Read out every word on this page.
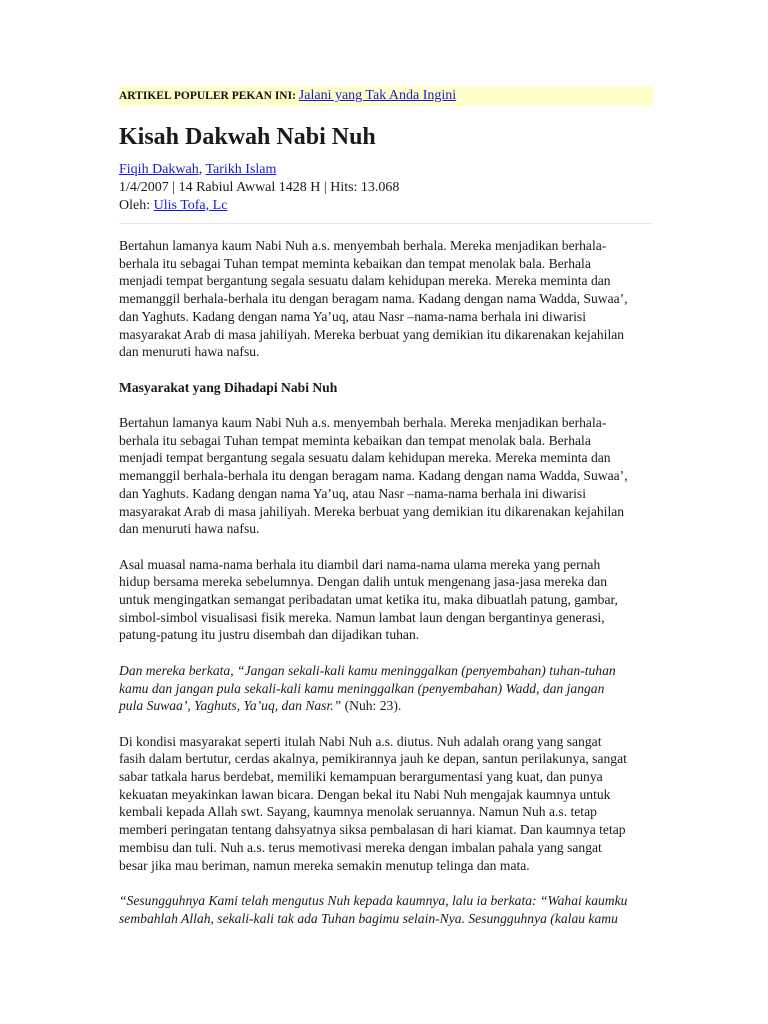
ARTIKEL POPULER PEKAN INI: Jalani yang Tak Anda Ingini
Kisah Dakwah Nabi Nuh
Fiqih Dakwah, Tarikh Islam
1/4/2007 | 14 Rabiul Awwal 1428 H | Hits: 13.068
Oleh: Ulis Tofa, Lc

Bertahun lamanya kaum Nabi Nuh a.s. menyembah berhala. Mereka menjadikan berhala-
berhala itu sebagai Tuhan tempat meminta kebaikan dan tempat menolak bala. Berhala
menjadi tempat bergantung segala sesuatu dalam kehidupan mereka. Mereka meminta dan
memanggil berhala-berhala itu dengan beragam nama. Kadang dengan nama Wadda, Suwaa’,
dan Yaghuts. Kadang dengan nama Ya’uq, atau Nasr –nama-nama berhala ini diwarisi
masyarakat Arab di masa jahiliyah. Mereka berbuat yang demikian itu dikarenakan kejahilan
dan menuruti hawa nafsu.

Masyarakat yang Dihadapi Nabi Nuh

Bertahun lamanya kaum Nabi Nuh a.s. menyembah berhala. Mereka menjadikan berhala-
berhala itu sebagai Tuhan tempat meminta kebaikan dan tempat menolak bala. Berhala
menjadi tempat bergantung segala sesuatu dalam kehidupan mereka. Mereka meminta dan
memanggil berhala-berhala itu dengan beragam nama. Kadang dengan nama Wadda, Suwaa’,
dan Yaghuts. Kadang dengan nama Ya’uq, atau Nasr –nama-nama berhala ini diwarisi
masyarakat Arab di masa jahiliyah. Mereka berbuat yang demikian itu dikarenakan kejahilan
dan menuruti hawa nafsu.

Asal muasal nama-nama berhala itu diambil dari nama-nama ulama mereka yang pernah
hidup bersama mereka sebelumnya. Dengan dalih untuk mengenang jasa-jasa mereka dan
untuk mengingatkan semangat peribadatan umat ketika itu, maka dibuatlah patung, gambar,
simbol-simbol visualisasi fisik mereka. Namun lambat laun dengan bergantinya generasi,
patung-patung itu justru disembah dan dijadikan tuhan.

Dan mereka berkata, “Jangan sekali-kali kamu meninggalkan (penyembahan) tuhan-tuhan
kamu dan jangan pula sekali-kali kamu meninggalkan (penyembahan) Wadd, dan jangan
pula Suwaa’, Yaghuts, Ya’uq, dan Nasr.” (Nuh: 23).

Di kondisi masyarakat seperti itulah Nabi Nuh a.s. diutus. Nuh adalah orang yang sangat
fasih dalam bertutur, cerdas akalnya, pemikirannya jauh ke depan, santun perilakunya, sangat
sabar tatkala harus berdebat, memiliki kemampuan berargumentasi yang kuat, dan punya
kekuatan meyakinkan lawan bicara. Dengan bekal itu Nabi Nuh mengajak kaumnya untuk
kembali kepada Allah swt. Sayang, kaumnya menolak seruannya. Namun Nuh a.s. tetap
memberi peringatan tentang dahsyatnya siksa pembalasan di hari kiamat. Dan kaumnya tetap
membisu dan tuli. Nuh a.s. terus memotivasi mereka dengan imbalan pahala yang sangat
besar jika mau beriman, namun mereka semakin menutup telinga dan mata.

“Sesungguhnya Kami telah mengutus Nuh kepada kaumnya, lalu ia berkata: “Wahai kaumku
sembahlah Allah, sekali-kali tak ada Tuhan bagimu selain-Nya. Sesungguhnya (kalau kamu
